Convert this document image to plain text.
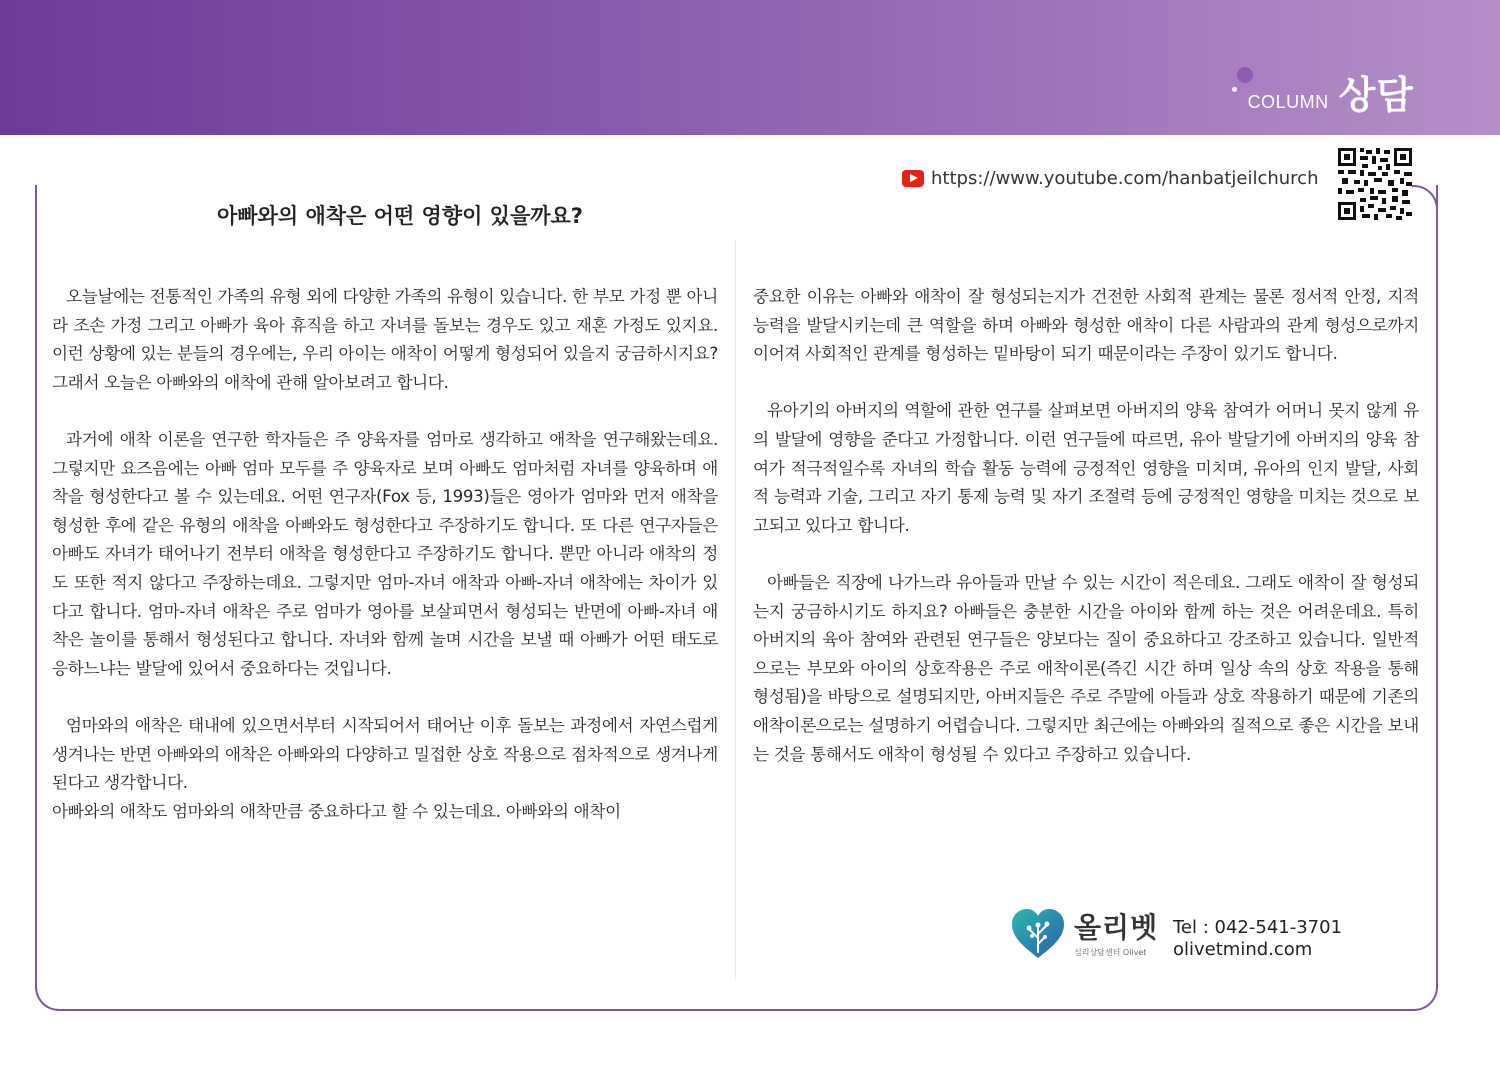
COLUMN 상담
https://www.youtube.com/hanbatjeilchurch
아빠와의 애착은 어떤 영향이 있을까요?

오늘날에는 전통적인 가족의 유형 외에 다양한 가족의 유형이 있습니다. 한 부모 가정 뿐 아니라 조손 가정 그리고 아빠가 육아 휴직을 하고 자녀를 돌보는 경우도 있고 재혼 가정도 있지요. 이런 상황에 있는 분들의 경우에는, 우리 아이는 애착이 어떻게 형성되어 있을지 궁금하시지요? 그래서 오늘은 아빠와의 애착에 관해 알아보려고 합니다.

과거에 애착 이론을 연구한 학자들은 주 양육자를 엄마로 생각하고 애착을 연구해왔는데요. 그렇지만 요즈음에는 아빠 엄마 모두를 주 양육자로 보며 아빠도 엄마처럼 자녀를 양육하며 애착을 형성한다고 볼 수 있는데요. 어떤 연구자(Fox 등, 1993)들은 영아가 엄마와 먼저 애착을 형성한 후에 같은 유형의 애착을 아빠와도 형성한다고 주장하기도 합니다. 또 다른 연구자들은 아빠도 자녀가 태어나기 전부터 애착을 형성한다고 주장하기도 합니다. 뿐만 아니라 애착의 정도 또한 적지 않다고 주장하는데요. 그렇지만 엄마-자녀 애착과 아빠-자녀 애착에는 차이가 있다고 합니다. 엄마-자녀 애착은 주로 엄마가 영아를 보살피면서 형성되는 반면에 아빠-자녀 애착은 놀이를 통해서 형성된다고 합니다. 자녀와 함께 놀며 시간을 보낼 때 아빠가 어떤 태도로 응하느냐는 발달에 있어서 중요하다는 것입니다.

엄마와의 애착은 태내에 있으면서부터 시작되어서 태어난 이후 돌보는 과정에서 자연스럽게 생겨나는 반면 아빠와의 애착은 아빠와의 다양하고 밀접한 상호 작용으로 점차적으로 생겨나게 된다고 생각합니다.

아빠와의 애착도 엄마와의 애착만큼 중요하다고 할 수 있는데요. 아빠와의 애착이

중요한 이유는 아빠와 애착이 잘 형성되는지가 건전한 사회적 관계는 물론 정서적 안정, 지적 능력을 발달시키는데 큰 역할을 하며 아빠와 형성한 애착이 다른 사람과의 관계 형성으로까지 이어져 사회적인 관계를 형성하는 밑바탕이 되기 때문이라는 주장이 있기도 합니다.

유아기의 아버지의 역할에 관한 연구를 살펴보면 아버지의 양육 참여가 어머니 못지 않게 유의 발달에 영향을 준다고 가정합니다. 이런 연구들에 따르면, 유아 발달기에 아버지의 양육 참여가 적극적일수록 자녀의 학습 활동 능력에 긍정적인 영향을 미치며, 유아의 인지 발달, 사회적 능력과 기술, 그리고 자기 통제 능력 및 자기 조절력 등에 긍정적인 영향을 미치는 것으로 보고되고 있다고 합니다.

아빠들은 직장에 나가느라 유아들과 만날 수 있는 시간이 적은데요. 그래도 애착이 잘 형성되는지 궁금하시기도 하지요? 아빠들은 충분한 시간을 아이와 함께 하는 것은 어려운데요. 특히 아버지의 육아 참여와 관련된 연구들은 양보다는 질이 중요하다고 강조하고 있습니다. 일반적으로는 부모와 아이의 상호작용은 주로 애착이론(즉긴 시간 하며 일상 속의 상호 작용을 통해 형성됨)을 바탕으로 설명되지만, 아버지들은 주로 주말에 아들과 상호 작용하기 때문에 기존의 애착이론으로는 설명하기 어렵습니다. 그렇지만 최근에는 아빠와의 질적으로 좋은 시간을 보내는 것을 통해서도 애착이 형성될 수 있다고 주장하고 있습니다.

올리벳
심리상담센터 Olivet
Tel : 042-541-3701
olivetmind.com
